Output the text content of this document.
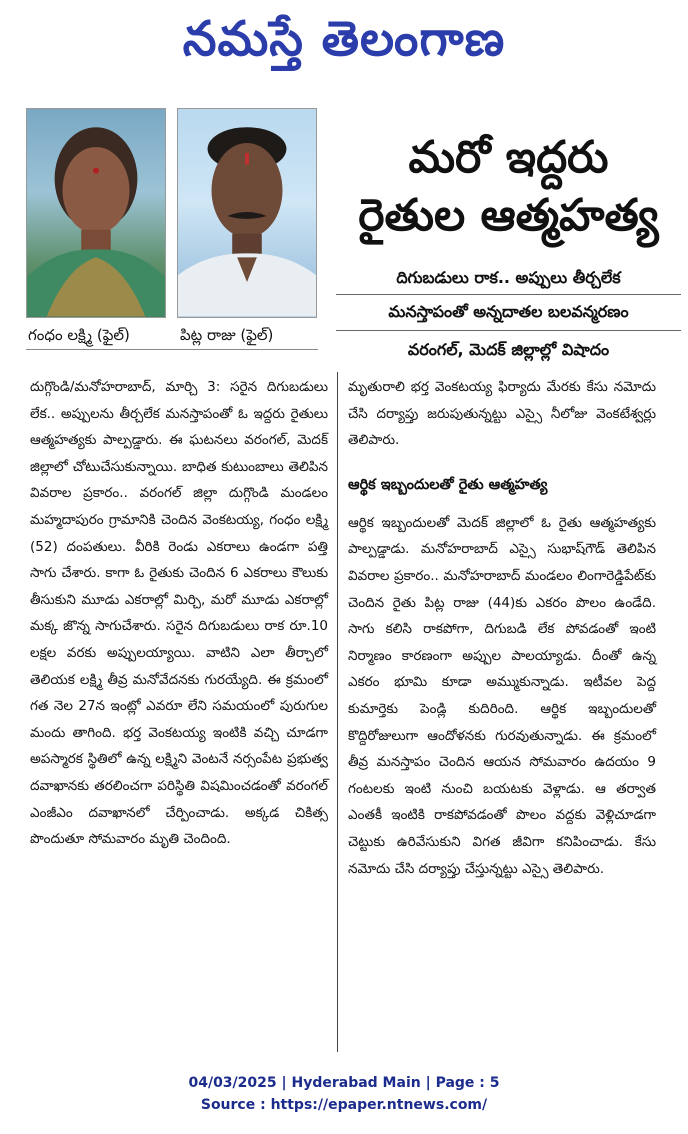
నమస్తే తెలంగాణ
గంధం లక్ష్మి (ఫైల్)	పిట్ల రాజు (ఫైల్)
మరో ఇద్దరు
రైతుల ఆత్మహత్య
దిగుబడులు రాక.. అప్పులు తీర్చలేక
మనస్తాపంతో అన్నదాతల బలవన్మరణం
వరంగల్, మెదక్ జిల్లాల్లో విషాదం

దుగ్గొండి/మనోహరాబాద్, మార్చి 3: సరైన దిగుబడులు లేక.. అప్పులను తీర్చలేక మనస్తాపంతో ఓ ఇద్దరు రైతులు ఆత్మహత్యకు పాల్పడ్డారు. ఈ ఘటనలు వరంగల్, మెదక్ జిల్లాలో చోటుచేసుకున్నాయి. బాధిత కుటుంబాలు తెలిపిన వివరాల ప్రకారం.. వరంగల్ జిల్లా దుగ్గొండి మండలం మహ్మదాపురం గ్రామానికి చెందిన వెంకటయ్య, గంధం లక్ష్మి (52) దంపతులు. వీరికి రెండు ఎకరాలు ఉండగా పత్తి సాగు చేశారు. కాగా ఓ రైతుకు చెందిన 6 ఎకరాలు కౌలుకు తీసుకుని మూడు ఎకరాల్లో మిర్చి, మరో మూడు ఎకరాల్లో మక్క జొన్న సాగుచేశారు. సరైన దిగుబడులు రాక రూ.10 లక్షల వరకు అప్పులయ్యాయి. వాటిని ఎలా తీర్చాలో తెలియక లక్ష్మి తీవ్ర మనోవేదనకు గురయ్యేది. ఈ క్రమంలో గత నెల 27న ఇంట్లో ఎవరూ లేని సమయంలో పురుగుల మందు తాగింది. భర్త వెంకటయ్య ఇంటికి వచ్చి చూడగా అపస్మారక స్థితిలో ఉన్న లక్ష్మిని వెంటనే నర్సంపేట ప్రభుత్వ దవాఖానకు తరలించగా పరిస్థితి విషమించడంతో వరంగల్ ఎంజీఎం దవాఖానలో చేర్పించాడు. అక్కడ చికిత్స పొందుతూ సోమవారం మృతి చెందింది.

మృతురాలి భర్త వెంకటయ్య ఫిర్యాదు మేరకు కేసు నమోదు చేసి దర్యాప్తు జరుపుతున్నట్టు ఎస్సై నీలోజు వెంకటేశ్వర్లు తెలిపారు.

ఆర్థిక ఇబ్బందులతో రైతు ఆత్మహత్య

ఆర్థిక ఇబ్బందులతో మెదక్ జిల్లాలో ఓ రైతు ఆత్మహత్యకు పాల్పడ్డాడు. మనోహరాబాద్ ఎస్సై సుభాష్‌గౌడ్ తెలిపిన వివరాల ప్రకారం.. మనోహరాబాద్ మండలం లింగారెడ్డిపేట్‌కు చెందిన రైతు పిట్ల రాజు (44)కు ఎకరం పొలం ఉండేది. సాగు కలిసి రాకపోగా, దిగుబడి లేక పోవడంతో ఇంటి నిర్మాణం కారణంగా అప్పుల పాలయ్యాడు. దీంతో ఉన్న ఎకరం భూమి కూడా అమ్ముకున్నాడు. ఇటీవల పెద్ద కుమార్తెకు పెండ్లి కుదిరింది. ఆర్థిక ఇబ్బందులతో కొద్దిరోజులుగా ఆందోళనకు గురవుతున్నాడు. ఈ క్రమంలో తీవ్ర మనస్తాపం చెందిన ఆయన సోమవారం ఉదయం 9 గంటలకు ఇంటి నుంచి బయటకు వెళ్లాడు. ఆ తర్వాత ఎంతకీ ఇంటికి రాకపోవడంతో పొలం వద్దకు వెళ్లిచూడగా చెట్టుకు ఉరివేసుకుని విగత జీవిగా కనిపించాడు. కేసు నమోదు చేసి దర్యాప్తు చేస్తున్నట్టు ఎస్సై తెలిపారు.

04/03/2025 | Hyderabad Main | Page : 5
Source : https://epaper.ntnews.com/
